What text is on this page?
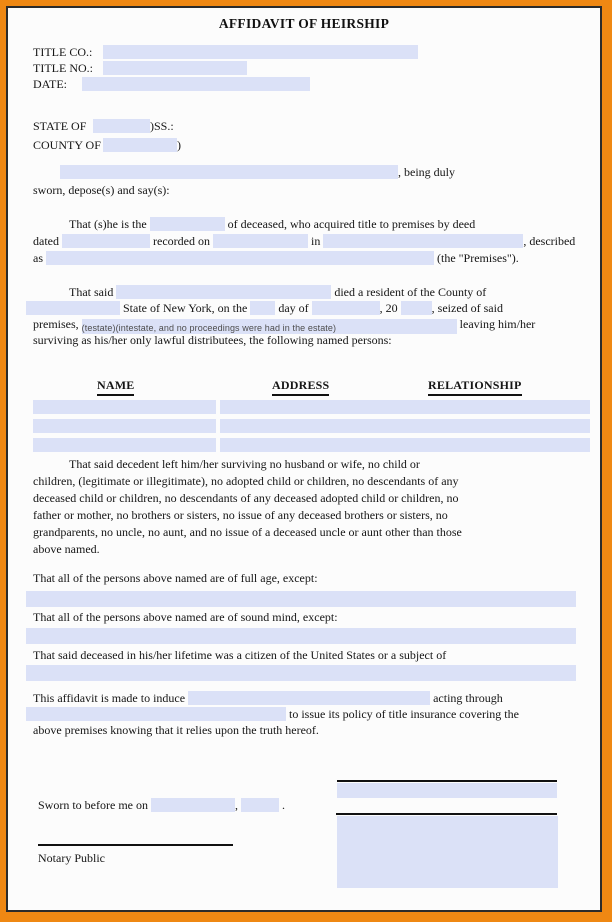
AFFIDAVIT OF HEIRSHIP
TITLE CO.:
TITLE NO.:
DATE:
STATE OF	)SS.:
COUNTY OF	)
, being duly
sworn, depose(s) and say(s):
That (s)he is the	of deceased, who acquired title to premises by deed
dated	recorded on	in	, described
as	(the "Premises").
That said	died a resident of the County of
State of New York, on the	day of	, 20	, seized of said
premises, (testate)(intestate, and no proceedings were had in the estate)	leaving him/her
surviving as his/her only lawful distributees, the following named persons:
NAME	ADDRESS	RELATIONSHIP
That said decedent left him/her surviving no husband or wife, no child or
children, (legitimate or illegitimate), no adopted child or children, no descendants of any
deceased child or children, no descendants of any deceased adopted child or children, no
father or mother, no brothers or sisters, no issue of any deceased brothers or sisters, no
grandparents, no uncle, no aunt, and no issue of a deceased uncle or aunt other than those
above named.
That all of the persons above named are of full age, except:
That all of the persons above named are of sound mind, except:
That said deceased in his/her lifetime was a citizen of the United States or a subject of
This affidavit is made to induce	acting through
to issue its policy of title insurance covering the
above premises knowing that it relies upon the truth hereof.
Sworn to before me on	,	.
Notary Public
